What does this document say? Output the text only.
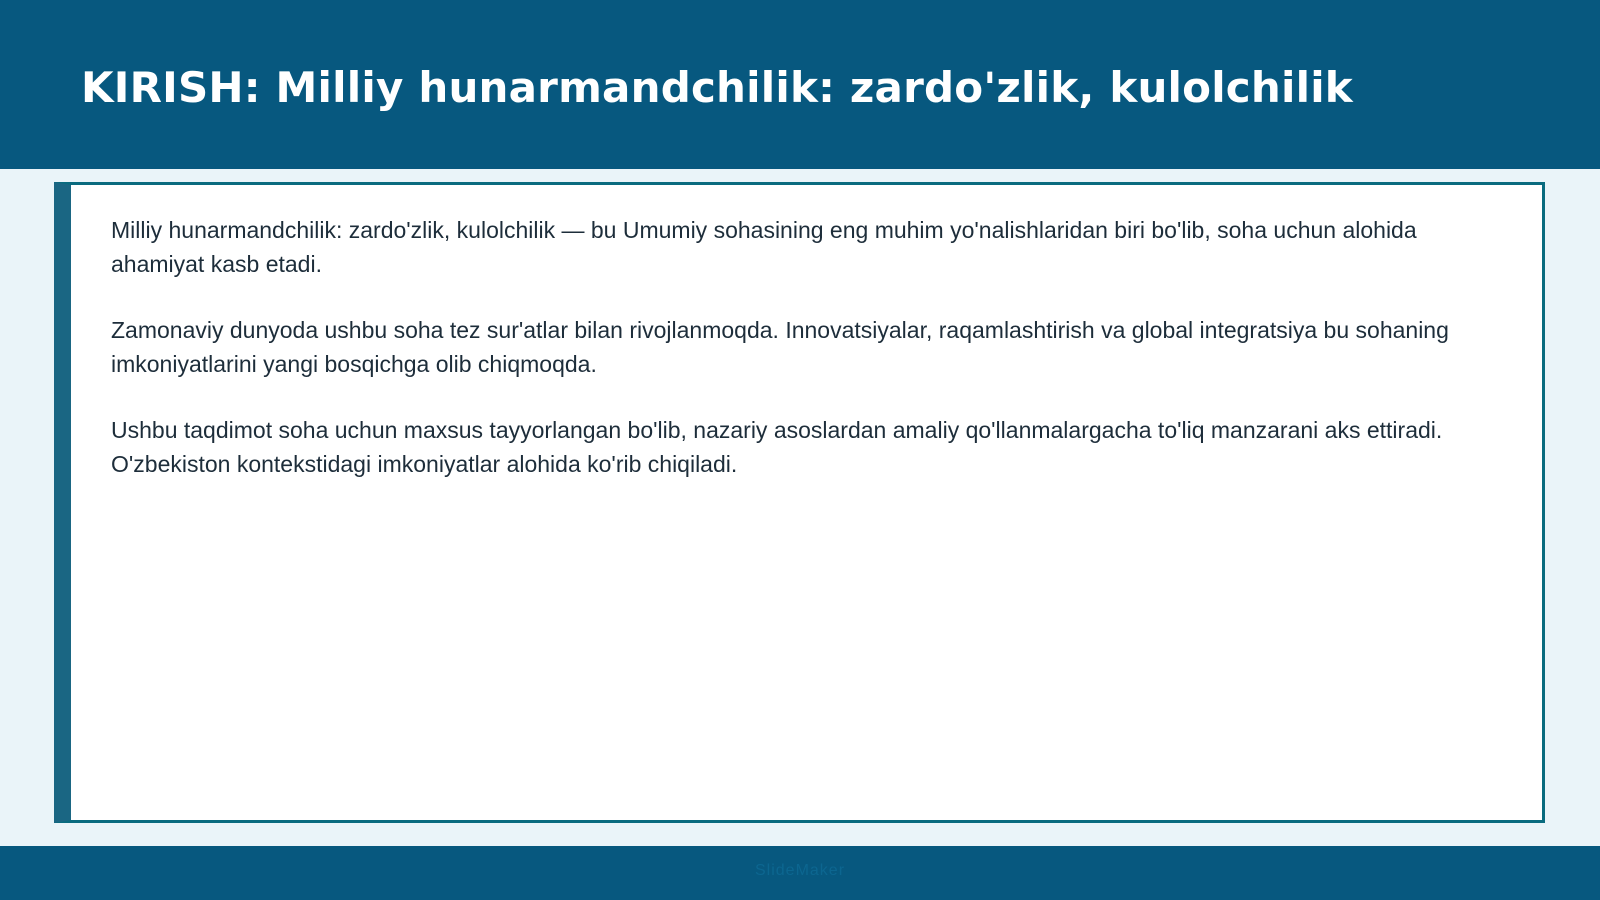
KIRISH: Milliy hunarmandchilik: zardo'zlik, kulolchilik

Milliy hunarmandchilik: zardo'zlik, kulolchilik — bu Umumiy sohasining eng muhim yo'nalishlaridan biri bo'lib, soha uchun alohida ahamiyat kasb etadi.

Zamonaviy dunyoda ushbu soha tez sur'atlar bilan rivojlanmoqda. Innovatsiyalar, raqamlashtirish va global integratsiya bu sohaning imkoniyatlarini yangi bosqichga olib chiqmoqda.

Ushbu taqdimot soha uchun maxsus tayyorlangan bo'lib, nazariy asoslardan amaliy qo'llanmalargacha to'liq manzarani aks ettiradi. O'zbekiston kontekstidagi imkoniyatlar alohida ko'rib chiqiladi.

SlideMaker
